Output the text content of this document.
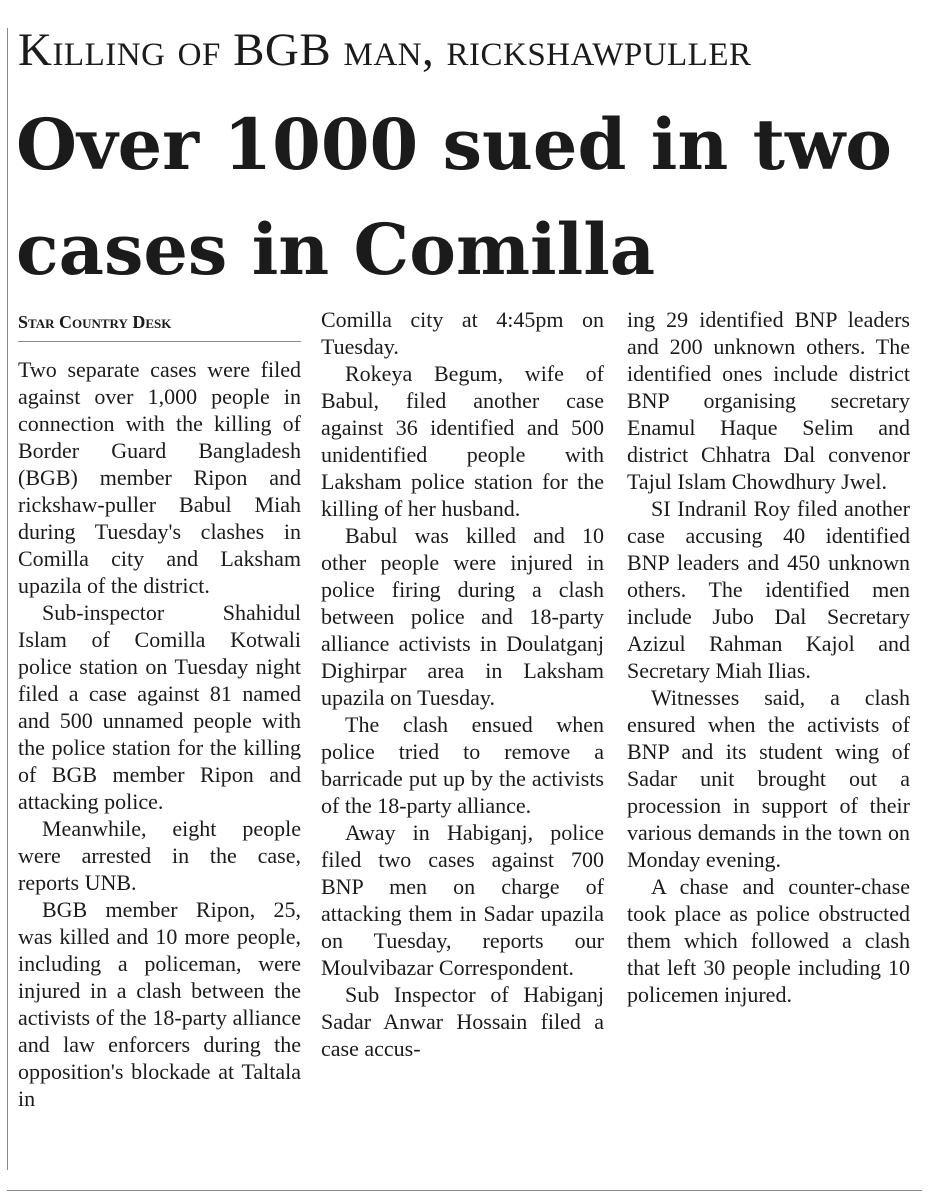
Killing of BGB man, rickshawpuller
Over 1000 sued in two
cases in Comilla
Star Country Desk

Two separate cases were filed against over 1,000 people in connection with the killing of Border Guard Bangladesh (BGB) member Ripon and rickshaw-puller Babul Miah during Tuesday's clashes in Comilla city and Laksham upazila of the district.

Sub-inspector Shahidul Islam of Comilla Kotwali police station on Tuesday night filed a case against 81 named and 500 unnamed people with the police station for the killing of BGB member Ripon and attacking police.

Meanwhile, eight people were arrested in the case, reports UNB.

BGB member Ripon, 25, was killed and 10 more people, including a policeman, were injured in a clash between the activists of the 18-party alliance and law enforcers during the opposition's blockade at Taltala in

Comilla city at 4:45pm on Tuesday.

Rokeya Begum, wife of Babul, filed another case against 36 identified and 500 unidentified people with Laksham police station for the killing of her husband.

Babul was killed and 10 other people were injured in police firing during a clash between police and 18-party alliance activists in Doulatganj Dighirpar area in Laksham upazila on Tuesday.

The clash ensued when police tried to remove a barricade put up by the activists of the 18-party alliance.

Away in Habiganj, police filed two cases against 700 BNP men on charge of attacking them in Sadar upazila on Tuesday, reports our Moulvibazar Correspondent.

Sub Inspector of Habiganj Sadar Anwar Hossain filed a case accus-

ing 29 identified BNP leaders and 200 unknown others. The identified ones include district BNP organising secretary Enamul Haque Selim and district Chhatra Dal convenor Tajul Islam Chowdhury Jwel.

SI Indranil Roy filed another case accusing 40 identified BNP leaders and 450 unknown others. The identified men include Jubo Dal Secretary Azizul Rahman Kajol and Secretary Miah Ilias.

Witnesses said, a clash ensured when the activists of BNP and its student wing of Sadar unit brought out a procession in support of their various demands in the town on Monday evening.

A chase and counter-chase took place as police obstructed them which followed a clash that left 30 people including 10 policemen injured.
